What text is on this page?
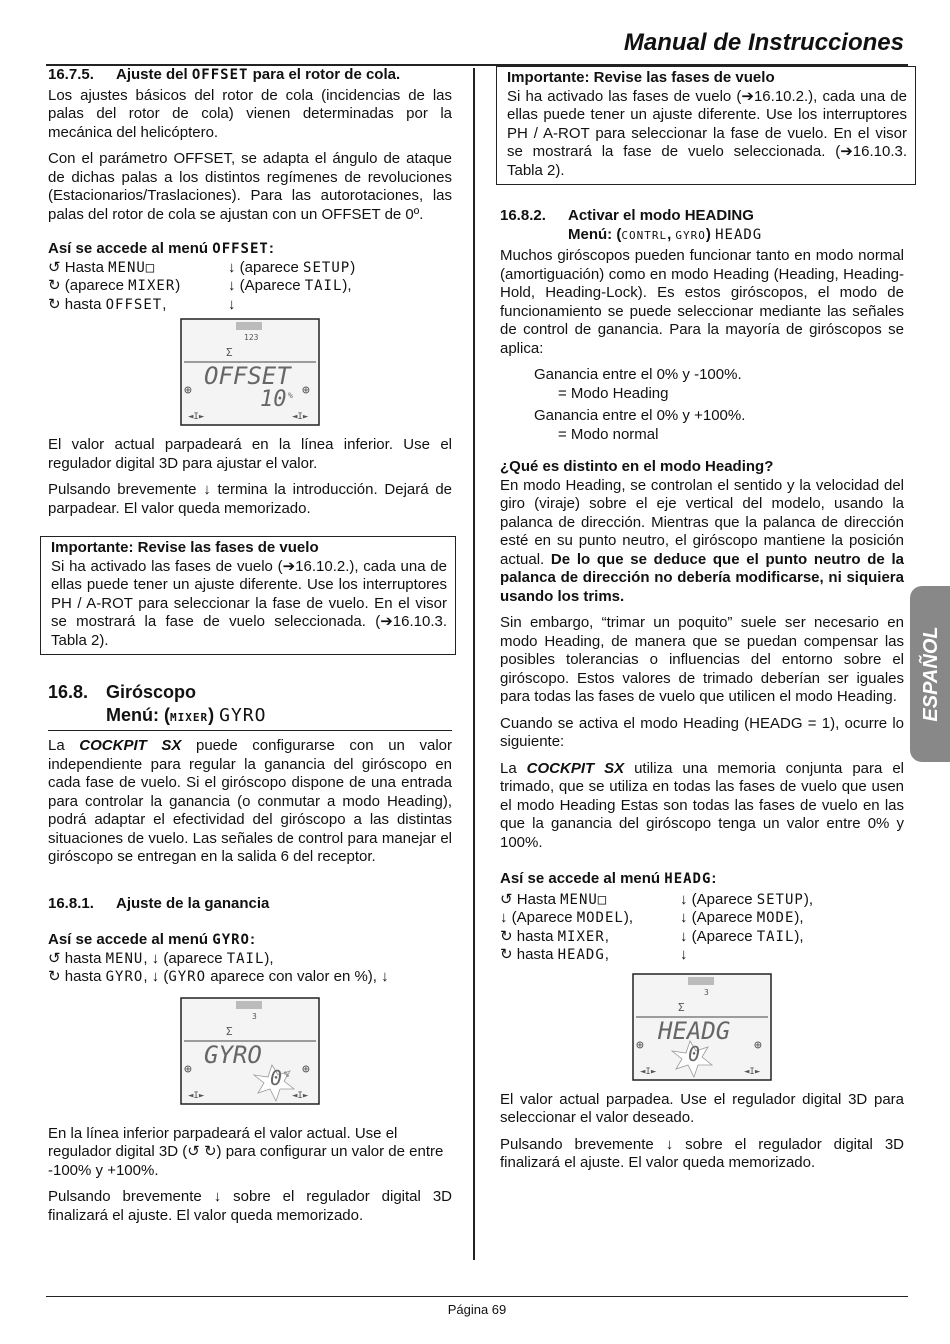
Manual de Instrucciones
16.7.5. Ajuste del OFFSET para el rotor de cola.

Los ajustes básicos del rotor de cola (incidencias de las palas del rotor de cola) vienen determinadas por la mecánica del helicóptero.

Con el parámetro OFFSET, se adapta el ángulo de ataque de dichas palas a los distintos regímenes de revoluciones (Estacionarios/Traslaciones). Para las autorotaciones, las palas del rotor de cola se ajustan con un OFFSET de 0º.

Así se accede al menú OFFSET:
↺ Hasta MENU□	↓ (aparece SETUP)
↻ (aparece MIXER)	↓ (Aparece TAIL),
↻ hasta OFFSET,	↓
123
Σ
OFFSET
10 %
⊕	⊕
◄I►	◄I►

El valor actual parpadeará en la línea inferior. Use el regulador digital 3D para ajustar el valor.

Pulsando brevemente ↓ termina la introducción. Dejará de parpadear. El valor queda memorizado.

Importante: Revise las fases de vuelo

Si ha activado las fases de vuelo (➔16.10.2.), cada una de ellas puede tener un ajuste diferente. Use los interruptores PH / A-ROT para seleccionar la fase de vuelo. En el visor se mostrará la fase de vuelo seleccionada. (➔16.10.3. Tabla 2).

16.8. Giróscopo
Menú: (MIXER) GYRO

La COCKPIT SX puede configurarse con un valor independiente para regular la ganancia del giróscopo en cada fase de vuelo. Si el giróscopo dispone de una entrada para controlar la ganancia (o conmutar a modo Heading), podrá adaptar el efectividad del giróscopo a las distintas situaciones de vuelo. Las señales de control para manejar el giróscopo se entregan en la salida 6 del receptor.

16.8.1. Ajuste de la ganancia
Así se accede al menú GYRO:
↺ hasta MENU, ↓ (aparece TAIL),
↻ hasta GYRO, ↓ (GYRO aparece con valor en %), ↓
3
Σ
GYRO
0 %
⊕	⊕
◄I►	◄I►

En la línea inferior parpadeará el valor actual. Use el regulador digital 3D (↺ ↻) para configurar un valor de entre -100% y +100%.

Pulsando brevemente ↓ sobre el regulador digital 3D finalizará el ajuste. El valor queda memorizado.

Importante: Revise las fases de vuelo

Si ha activado las fases de vuelo (➔16.10.2.), cada una de ellas puede tener un ajuste diferente. Use los interruptores PH / A-ROT para seleccionar la fase de vuelo. En el visor se mostrará la fase de vuelo seleccionada. (➔16.10.3. Tabla 2).

16.8.2. Activar el modo HEADING
Menú: (CONTRL, GYRO) HEADG

Muchos giróscopos pueden funcionar tanto en modo normal (amortiguación) como en modo Heading (Heading, Heading-Hold, Heading-Lock). Es estos giróscopos, el modo de funcionamiento se puede seleccionar mediante las señales de control de ganancia. Para la mayoría de giróscopos se aplica:

Ganancia entre el 0% y -100%.
= Modo Heading
Ganancia entre el 0% y +100%.
= Modo normal
¿Qué es distinto en el modo Heading?

En modo Heading, se controlan el sentido y la velocidad del giro (viraje) sobre el eje vertical del modelo, usando la palanca de dirección. Mientras que la palanca de dirección esté en su punto neutro, el giróscopo mantiene la posición actual. De lo que se deduce que el punto neutro de la palanca de dirección no debería modificarse, ni siquiera usando los trims.

Sin embargo, “trimar un poquito” suele ser necesario en modo Heading, de manera que se puedan compensar las posibles tolerancias o influencias del entorno sobre el giróscopo. Estos valores de trimado deberían ser iguales para todas las fases de vuelo que utilicen el modo Heading.

Cuando se activa el modo Heading (HEADG = 1), ocurre lo siguiente:

La COCKPIT SX utiliza una memoria conjunta para el trimado, que se utiliza en todas las fases de vuelo que usen el modo Heading Estas son todas las fases de vuelo en las que la ganancia del giróscopo tenga un valor entre 0% y 100%.

Así se accede al menú HEADG:
↺ Hasta MENU□	↓ (Aparece SETUP),
↓ (Aparece MODEL),	↓ (Aparece MODE),
↻ hasta MIXER,	↓ (Aparece TAIL),
↻ hasta HEADG,	↓
3
Σ
HEADG
0
⊕	⊕
◄I►	◄I►

El valor actual parpadea. Use el regulador digital 3D para seleccionar el valor deseado.

Pulsando brevemente ↓ sobre el regulador digital 3D finalizará el ajuste. El valor queda memorizado.

ESPAÑOL
Página 69
